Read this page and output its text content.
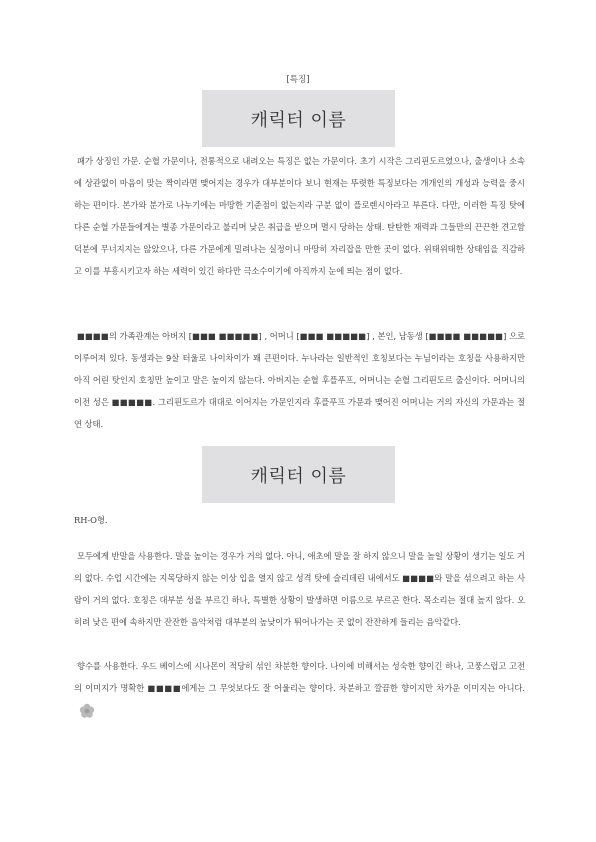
[특징]
캐릭터 이름

패가 상징인 가문. 순혈 가문이나, 전통적으로 내려오는 특징은 없는 가문이다. 초기 시작은 그리핀도르였으나, 출생이나 소속에 상관없이 마음이 맞는 짝이라면 맺어지는 경우가 대부분이다 보니 현재는 뚜렷한 특징보다는 개개인의 개성과 능력을 중시하는 편이다. 본가와 분가로 나누기에는 마땅한 기준점이 없는지라 구분 없이 플로렌시아라고 부른다. 다만, 이러한 특징 탓에 다른 순혈 가문들에게는 별종 가문이라고 불리며 낮은 취급을 받으며 멸시 당하는 상태. 탄탄한 재력과 그들만의 끈끈한 견고함 덕분에 무너지지는 않았으나, 다른 가문에게 밀려나는 실정이니 마땅히 자리잡을 만한 곳이 없다. 위태위태한 상태임을 직감하고 이를 부흥시키고자 하는 세력이 있긴 하다만 극소수이기에 아직까지 눈에 띄는 점이 없다.

■■■■의 가족관계는 아버지 [■■■ ■■■■■] , 어머니 [■■■ ■■■■■] , 본인, 남동생 [■■■■ ■■■■■] 으로 이루어져 있다. 동생과는 9살 터울로 나이차이가 꽤 큰편이다. 누나라는 일반적인 호칭보다는 누님이라는 호칭을 사용하지만 아직 어린 탓인지 호칭만 높이고 말은 높이지 않는다. 아버지는 순혈 후플푸프, 어머니는 순혈 그리핀도르 출신이다. 어머니의 이전 성은 ■■■■■. 그리핀도르가 대대로 이어지는 가문인지라 후플푸프 가문과 맺어진 어머니는 거의 자신의 가문과는 절연 상태.

캐릭터 이름

RH-O형.

모두에게 반말을 사용한다. 말을 높이는 경우가 거의 없다. 아니, 애초에 말을 잘 하지 않으니 말을 높일 상황이 생기는 일도 거의 없다. 수업 시간에는 지목당하지 않는 이상 입을 열지 않고 성격 탓에 슬리데린 내에서도 ■■■■와 말을 섞으려고 하는 사람이 거의 없다. 호칭은 대부분 성을 부르긴 하나, 특별한 상황이 발생하면 이름으로 부르곤 한다. 목소리는 절대 높지 않다. 오히려 낮은 편에 속하지만 잔잔한 음악처럼 대부분의 높낮이가 튀어나가는 곳 없이 잔잔하게 들리는 음악같다.

향수를 사용한다. 우드 베이스에 시나몬이 적당히 섞인 차분한 향이다. 나이에 비해서는 성숙한 향이긴 하나, 고풍스럽고 고전의 이미지가 명확한 ■■■■에게는 그 무엇보다도 잘 어울리는 향이다. 차분하고 깔끔한 향이지만 차가운 이미지는 아니다.
